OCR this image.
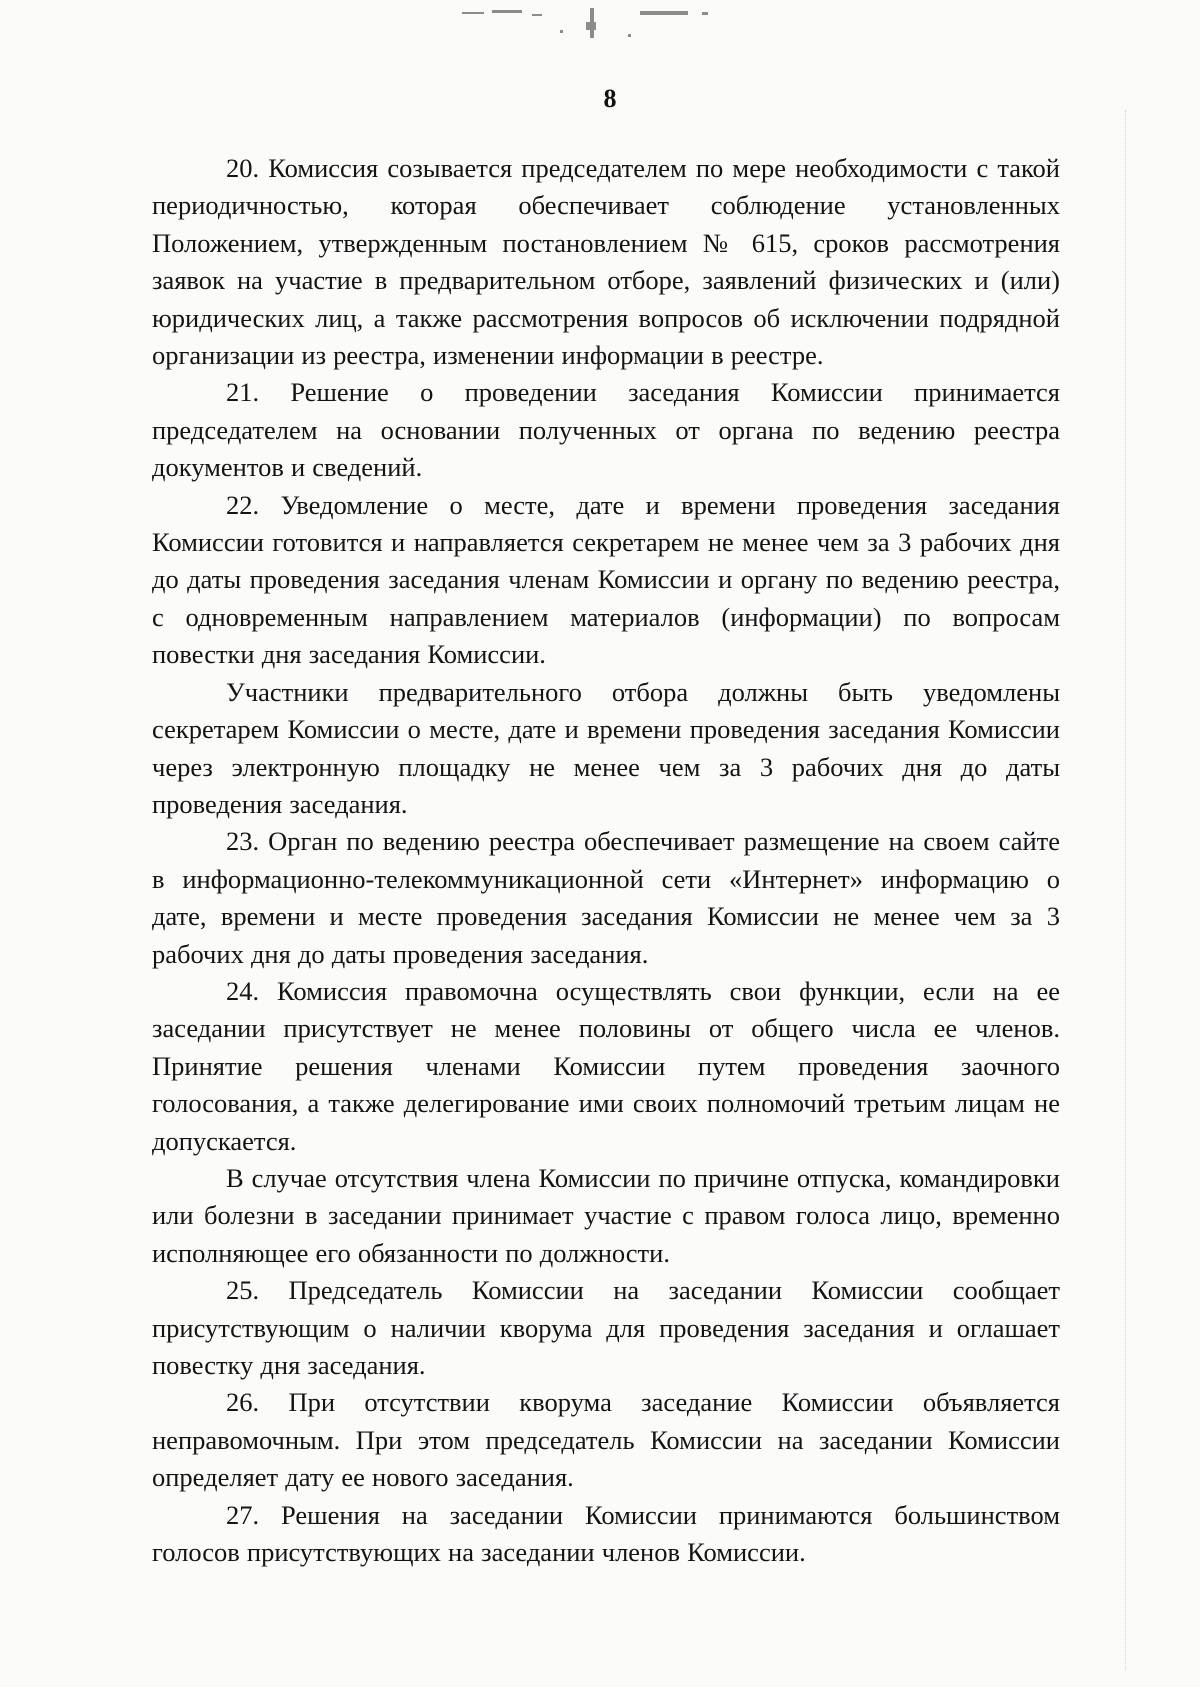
8

20. Комиссия созывается председателем по мере необходимости с такой периодичностью, которая обеспечивает соблюдение установленных Положением, утвержденным постановлением № 615, сроков рассмотрения заявок на участие в предварительном отборе, заявлений физических и (или) юридических лиц, а также рассмотрения вопросов об исключении подрядной организации из реестра, изменении информации в реестре.

21. Решение о проведении заседания Комиссии принимается председателем на основании полученных от органа по ведению реестра документов и сведений.

22. Уведомление о месте, дате и времени проведения заседания Комиссии готовится и направляется секретарем не менее чем за 3 рабочих дня до даты проведения заседания членам Комиссии и органу по ведению реестра, с одновременным направлением материалов (информации) по вопросам повестки дня заседания Комиссии.

Участники предварительного отбора должны быть уведомлены секретарем Комиссии о месте, дате и времени проведения заседания Комиссии через электронную площадку не менее чем за 3 рабочих дня до даты проведения заседания.

23. Орган по ведению реестра обеспечивает размещение на своем сайте в информационно-телекоммуникационной сети «Интернет» информацию о дате, времени и месте проведения заседания Комиссии не менее чем за 3 рабочих дня до даты проведения заседания.

24. Комиссия правомочна осуществлять свои функции, если на ее заседании присутствует не менее половины от общего числа ее членов. Принятие решения членами Комиссии путем проведения заочного голосования, а также делегирование ими своих полномочий третьим лицам не допускается.

В случае отсутствия члена Комиссии по причине отпуска, командировки или болезни в заседании принимает участие с правом голоса лицо, временно исполняющее его обязанности по должности.

25. Председатель Комиссии на заседании Комиссии сообщает присутствующим о наличии кворума для проведения заседания и оглашает повестку дня заседания.

26. При отсутствии кворума заседание Комиссии объявляется неправомочным. При этом председатель Комиссии на заседании Комиссии определяет дату ее нового заседания.

27. Решения на заседании Комиссии принимаются большинством голосов присутствующих на заседании членов Комиссии.
